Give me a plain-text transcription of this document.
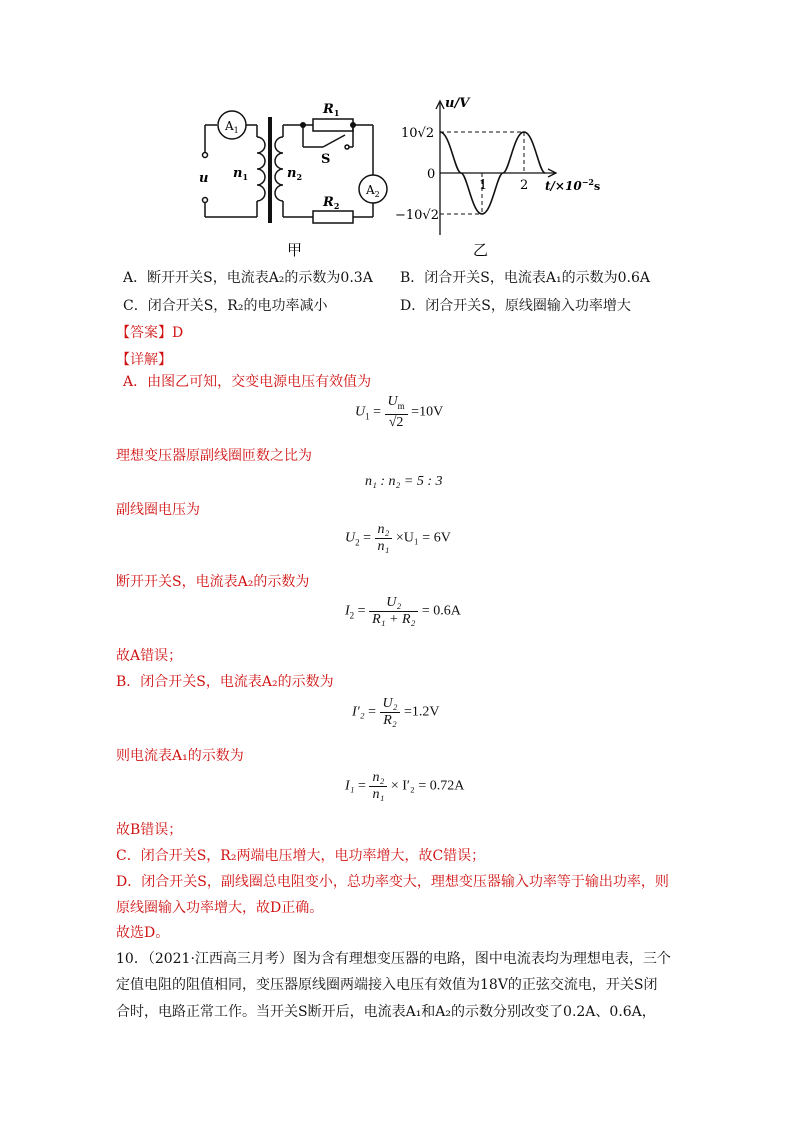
$A_1$
$A_2$
$R_1$
$R_2$
S
u $n_1$	$n_2$
甲
u/V
$t/\times 10^{-2}s$
10√2
−10√2
0
1	2
乙
A．断开开关S，电流表A₂的示数为0.3A B．闭合开关S，电流表A₁的示数为0.6A
C．闭合开关S，R₂的电功率减小	D．闭合开关S，原线圈输入功率增大
【答案】D
【详解】
A．由图乙可知，交变电源电压有效值为
$U_1 = \frac{U_m}{√2} =10V$
理想变压器原副线圈匝数之比为
n₁ : n₂ = 5 : 3
副线圈电压为
$U_2 = \frac{\text{n₂}}{\text{n₁}} \times U_1 = 6V$
断开开关S，电流表A₂的示数为
$I_2 = \frac{\text{U₂}}{\text{R₁ + R₂}} = 0.6A$
故A错误；
B．闭合开关S，电流表A₂的示数为
$I'_2 = \frac{\text{U₂}}{\text{R₂}} =1.2V$
则电流表A₁的示数为
$I_1 = \frac{\text{n₂}}{\text{n₁}} \times I'_2 = 0.72A$
故B错误；
C．闭合开关S，R₂两端电压增大，电功率增大，故C错误；
D．闭合开关S，副线圈总电阻变小，总功率变大，理想变压器输入功率等于输出功率，则
原线圈输入功率增大，故D正确。
故选D。
10．（2021·江西高三月考）图为含有理想变压器的电路，图中电流表均为理想电表，三个
定值电阻的阻值相同，变压器原线圈两端接入电压有效值为18V的正弦交流电，开关S闭
合时，电路正常工作。当开关S断开后，电流表A₁和A₂的示数分别改变了0.2A、0.6A，
